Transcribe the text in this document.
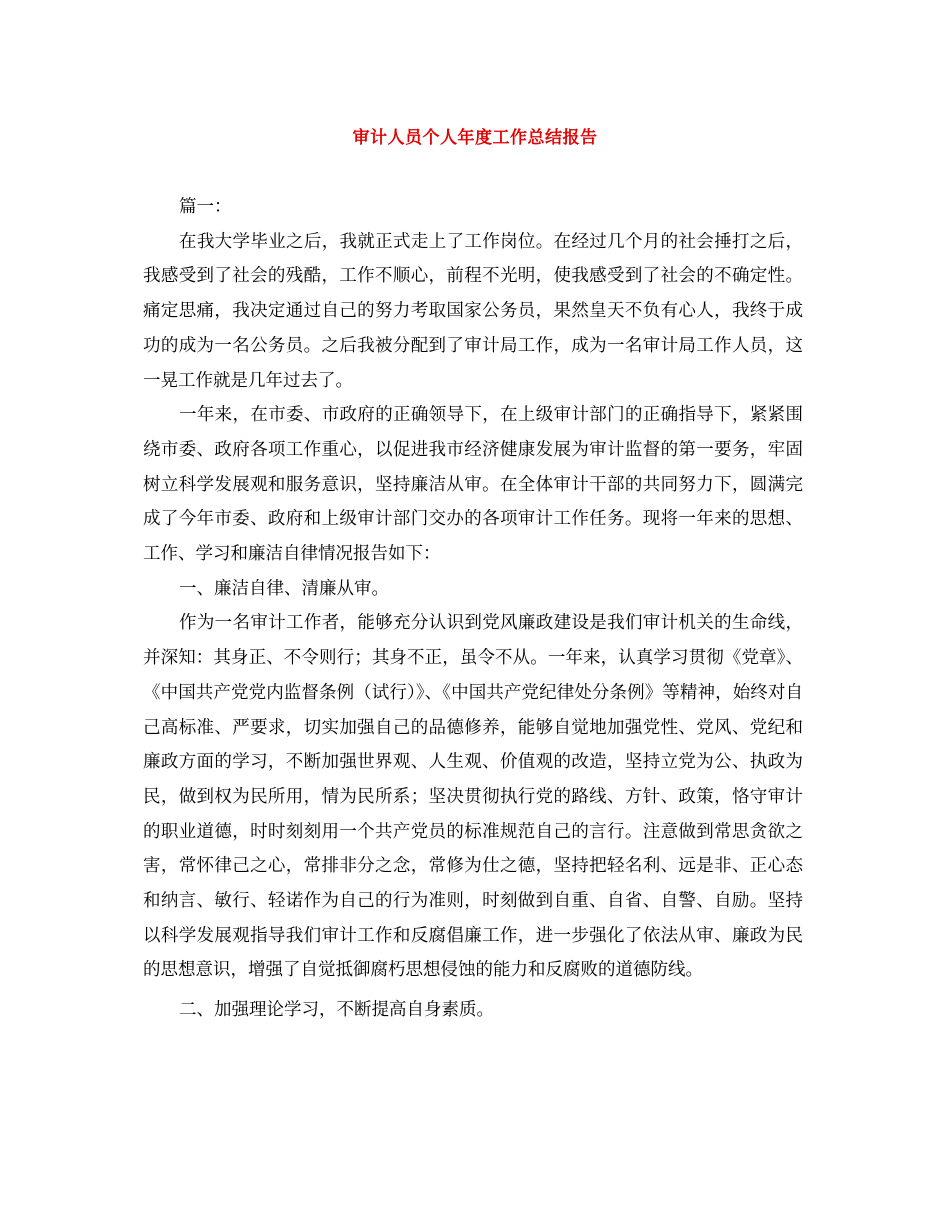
审计人员个人年度工作总结报告

篇一：

在我大学毕业之后，我就正式走上了工作岗位。在经过几个月的社会捶打之后，我感受到了社会的残酷，工作不顺心，前程不光明，使我感受到了社会的不确定性。痛定思痛，我决定通过自己的努力考取国家公务员，果然皇天不负有心人，我终于成功的成为一名公务员。之后我被分配到了审计局工作，成为一名审计局工作人员，这一晃工作就是几年过去了。

一年来，在市委、市政府的正确领导下，在上级审计部门的正确指导下，紧紧围绕市委、政府各项工作重心，以促进我市经济健康发展为审计监督的第一要务，牢固树立科学发展观和服务意识，坚持廉洁从审。在全体审计干部的共同努力下，圆满完成了今年市委、政府和上级审计部门交办的各项审计工作任务。现将一年来的思想、工作、学习和廉洁自律情况报告如下：

一、廉洁自律、清廉从审。

作为一名审计工作者，能够充分认识到党风廉政建设是我们审计机关的生命线，并深知：其身正、不令则行；其身不正，虽令不从。一年来，认真学习贯彻《党章》、《中国共产党党内监督条例（试行）》、《中国共产党纪律处分条例》等精神，始终对自己高标准、严要求，切实加强自己的品德修养，能够自觉地加强党性、党风、党纪和廉政方面的学习，不断加强世界观、人生观、价值观的改造，坚持立党为公、执政为民，做到权为民所用，情为民所系；坚决贯彻执行党的路线、方针、政策，恪守审计的职业道德，时时刻刻用一个共产党员的标准规范自己的言行。注意做到常思贪欲之害，常怀律己之心，常排非分之念，常修为仕之德，坚持把轻名利、远是非、正心态和纳言、敏行、轻诺作为自己的行为准则，时刻做到自重、自省、自警、自励。坚持以科学发展观指导我们审计工作和反腐倡廉工作，进一步强化了依法从审、廉政为民的思想意识，增强了自觉抵御腐朽思想侵蚀的能力和反腐败的道德防线。

二、加强理论学习，不断提高自身素质。
